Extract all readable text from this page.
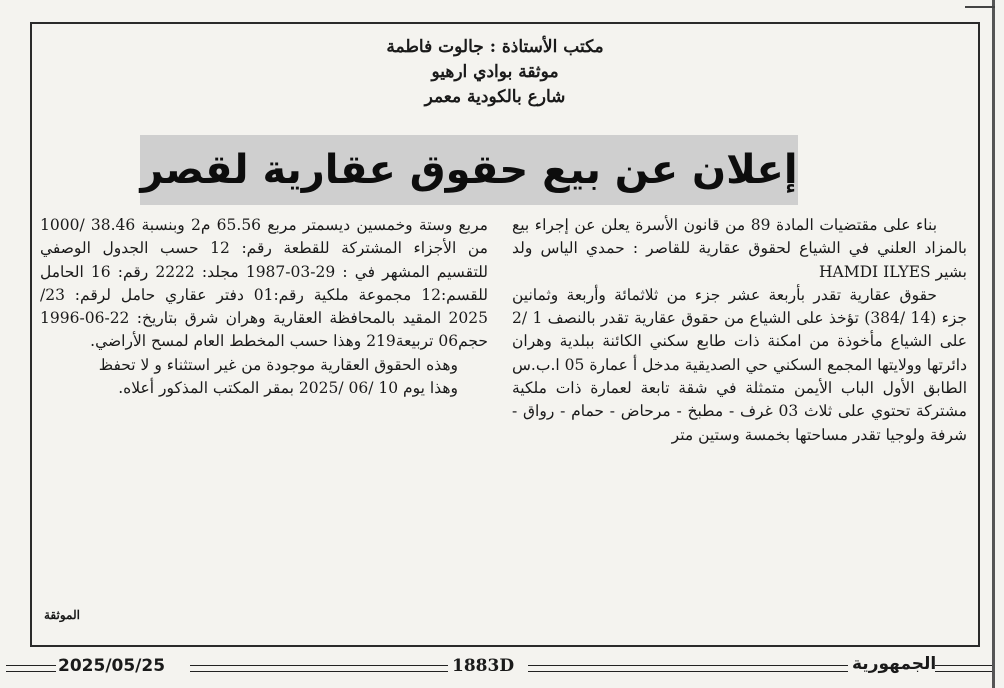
مكتب الأستاذة : جالوت فاطمة
موثقة بوادي ارهيو
شارع بالكودية معمر
إعلان عن بيع حقوق عقارية لقصر

بناء على مقتضيات المادة 89 من قانون الأسرة يعلن عن إجراء بيع بالمزاد العلني في الشياع لحقوق عقارية للقاصر : حمدي الياس ولد بشير HAMDI ILYES

حقوق عقارية تقدر بأربعة عشر جزء من ثلاثمائة وأربعة وثمانين جزء (14 /384) تؤخذ على الشياع من حقوق عقارية تقدر بالنصف 1 /2 على الشياع مأخوذة من امكنة ذات طابع سكني الكائنة ببلدية وهران دائرتها وولايتها المجمع السكني حي الصديقية مدخل أ عمارة 05 ا.ب.س الطابق الأول الباب الأيمن متمثلة في شقة تابعة لعمارة ذات ملكية مشتركة تحتوي على ثلاث 03 غرف - مطبخ - مرحاض - حمام - رواق - شرفة ولوجيا تقدر مساحتها بخمسة وستين متر

مربع وستة وخمسين ديسمتر مربع 65.56 م2 وبنسبة 38.46 /1000 من الأجزاء المشتركة للقطعة رقم: 12 حسب الجدول الوصفي للتقسيم المشهر في : 29-03-1987 مجلد: 2222 رقم: 16 الحامل للقسم:12 مجموعة ملكية رقم:01 دفتر عقاري حامل لرقم: 23/ 2025 المقيد بالمحافظة العقارية وهران شرق بتاريخ: 22-06-1996 حجم06 تربيعة219 وهذا حسب المخطط العام لمسح الأراضي.

وهذه الحقوق العقارية موجودة من غير استثناء و لا تحفظ

وهذا يوم 10 /06 /2025 بمقر المكتب المذكور أعلاه.

الموثقة
2025/05/25	1883D	الجمهورية
